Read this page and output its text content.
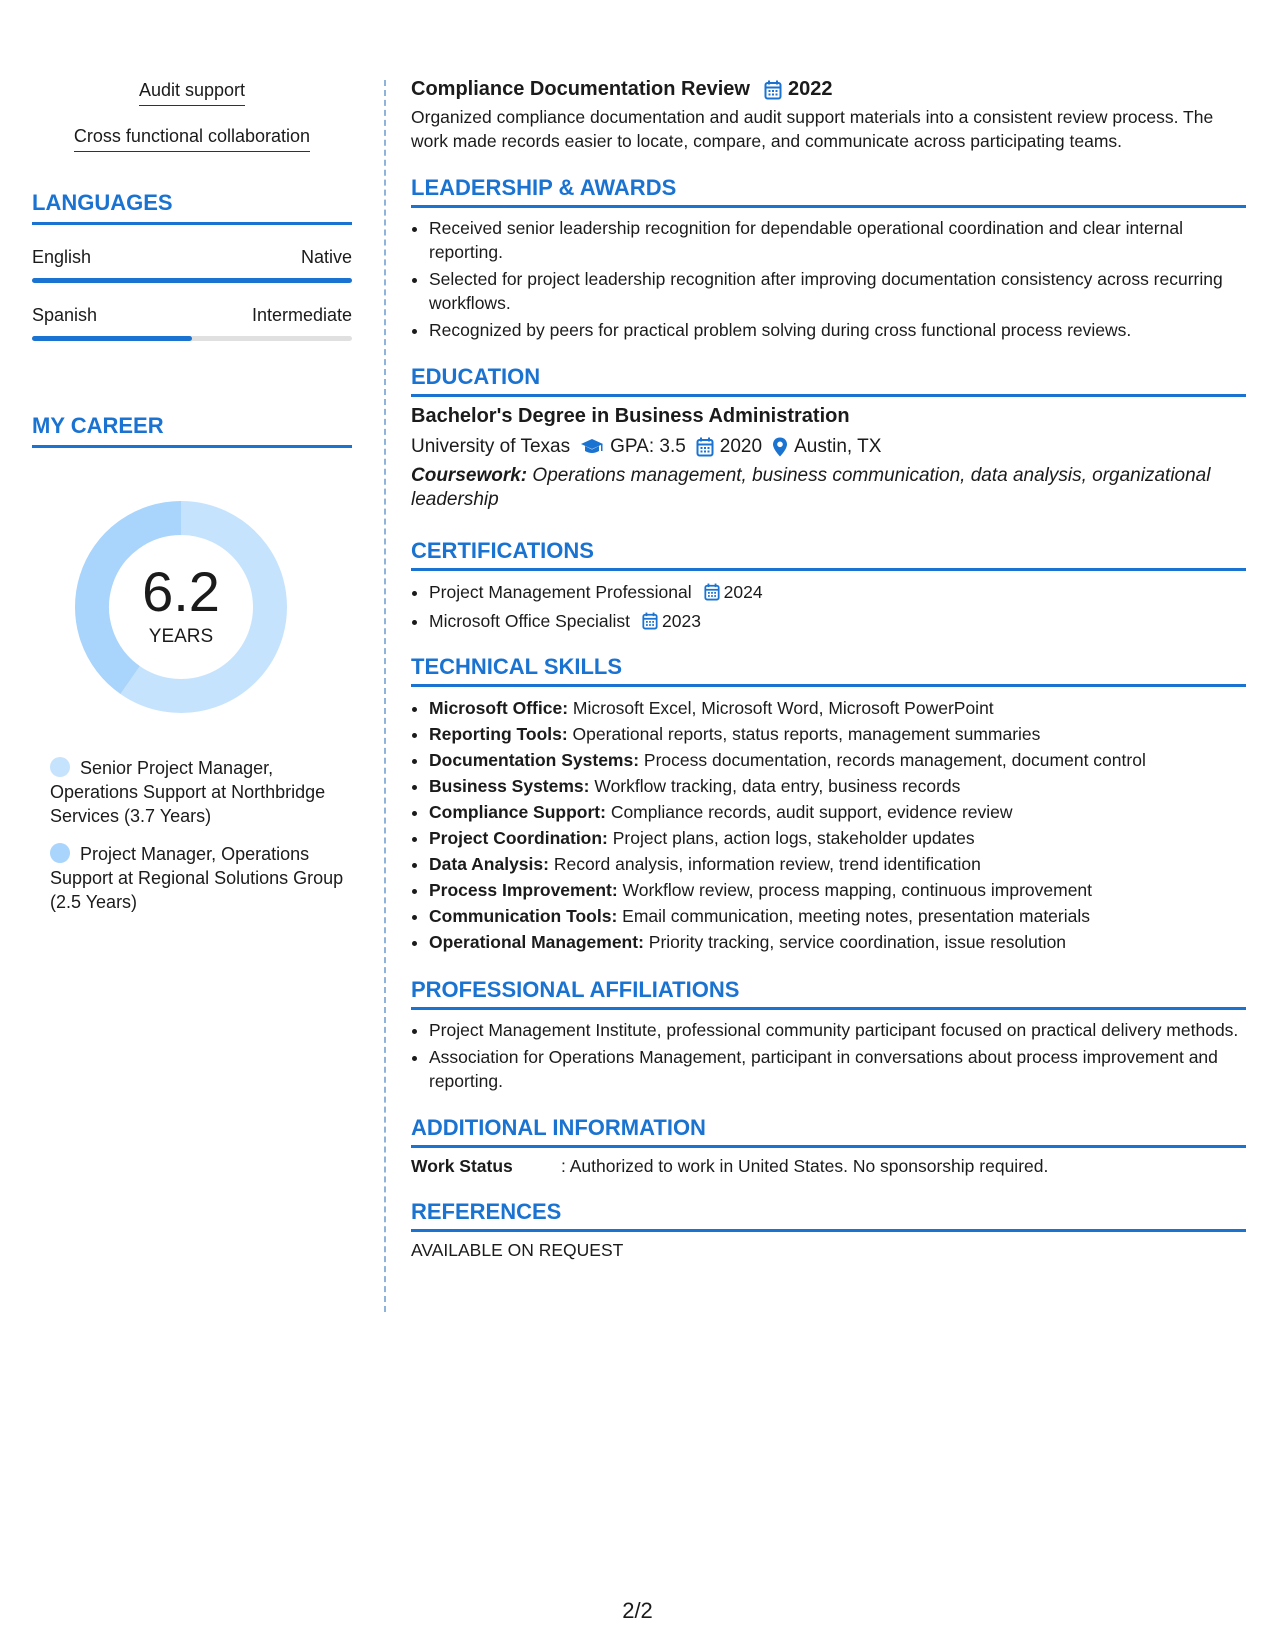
Audit support
Cross functional collaboration
LANGUAGES
English	Native
Spanish	Intermediate
MY CAREER
6.2
YEARS
Senior Project Manager, Operations Support at Northbridge Services (3.7 Years)
Project Manager, Operations Support at Regional Solutions Group (2.5 Years)
Compliance Documentation Review 2022
Organized compliance documentation and audit support materials into a consistent review process. The work made records easier to locate, compare, and communicate across participating teams.
LEADERSHIP & AWARDS
• Received senior leadership recognition for dependable operational coordination and clear internal reporting.
• Selected for project leadership recognition after improving documentation consistency across recurring workflows.
• Recognized by peers for practical problem solving during cross functional process reviews.
EDUCATION
Bachelor's Degree in Business Administration
University of Texas GPA: 3.5 2020 Austin, TX
Coursework: Operations management, business communication, data analysis, organizational leadership
CERTIFICATIONS
• Project Management Professional 2024
• Microsoft Office Specialist 2023
TECHNICAL SKILLS
• Microsoft Office: Microsoft Excel, Microsoft Word, Microsoft PowerPoint
• Reporting Tools: Operational reports, status reports, management summaries
• Documentation Systems: Process documentation, records management, document control
• Business Systems: Workflow tracking, data entry, business records
• Compliance Support: Compliance records, audit support, evidence review
• Project Coordination: Project plans, action logs, stakeholder updates
• Data Analysis: Record analysis, information review, trend identification
• Process Improvement: Workflow review, process mapping, continuous improvement
• Communication Tools: Email communication, meeting notes, presentation materials
• Operational Management: Priority tracking, service coordination, issue resolution
PROFESSIONAL AFFILIATIONS
• Project Management Institute, professional community participant focused on practical delivery methods.
• Association for Operations Management, participant in conversations about process improvement and reporting.
ADDITIONAL INFORMATION
Work Status	: Authorized to work in United States. No sponsorship required.
REFERENCES
AVAILABLE ON REQUEST
2/2
